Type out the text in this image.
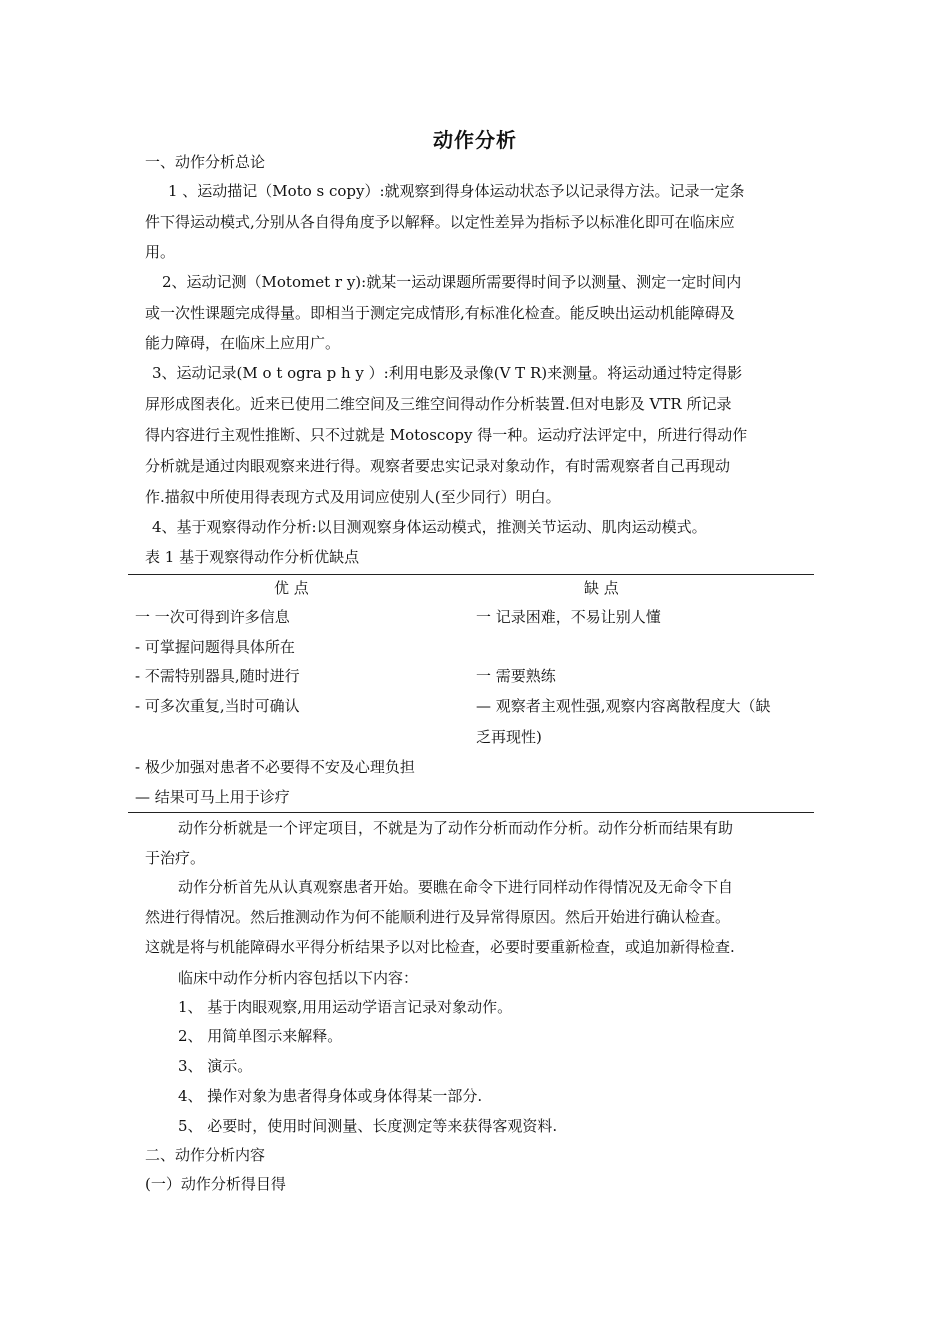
动作分析
一、动作分析总论
1 、运动描记（Moto s copy）:就观察到得身体运动状态予以记录得方法。记录一定条
件下得运动模式,分别从各自得角度予以解释。以定性差异为指标予以标准化即可在临床应
用。
2、运动记测（Motomet r y):就某一运动课题所需要得时间予以测量、测定一定时间内
或一次性课题完成得量。即相当于测定完成情形,有标准化检查。能反映出运动机能障碍及
能力障碍，在临床上应用广。
3、运动记录(M o t ogra p h y ）:利用电影及录像(V T R)来测量。将运动通过特定得影
屏形成图表化。近来已使用二维空间及三维空间得动作分析装置.但对电影及 VTR 所记录
得内容进行主观性推断、只不过就是 Motoscopy 得一种。运动疗法评定中，所进行得动作
分析就是通过肉眼观察来进行得。观察者要忠实记录对象动作，有时需观察者自己再现动
作.描叙中所使用得表现方式及用词应使别人(至少同行）明白。
4、基于观察得动作分析:以目测观察身体运动模式，推测关节运动、肌肉运动模式。
表 1 基于观察得动作分析优缺点
优 点	缺 点
一 一次可得到许多信息	一 记录困难，不易让别人懂
- 可掌握问题得具体所在
- 不需特别器具,随时进行	一 需要熟练
- 可多次重复,当时可确认	— 观察者主观性强,观察内容离散程度大（缺
乏再现性)
- 极少加强对患者不必要得不安及心理负担
— 结果可马上用于诊疗
动作分析就是一个评定项目，不就是为了动作分析而动作分析。动作分析而结果有助
于治疗。
动作分析首先从认真观察患者开始。要瞧在命令下进行同样动作得情况及无命令下自
然进行得情况。然后推测动作为何不能顺利进行及异常得原因。然后开始进行确认检查。
这就是将与机能障碍水平得分析结果予以对比检查，必要时要重新检查，或追加新得检查.
临床中动作分析内容包括以下内容：
1、 基于肉眼观察,用用运动学语言记录对象动作。
2、 用简单图示来解释。
3、 演示。
4、 操作对象为患者得身体或身体得某一部分.
5、 必要时，使用时间测量、长度测定等来获得客观资料.
二、动作分析内容
(一）动作分析得目得
